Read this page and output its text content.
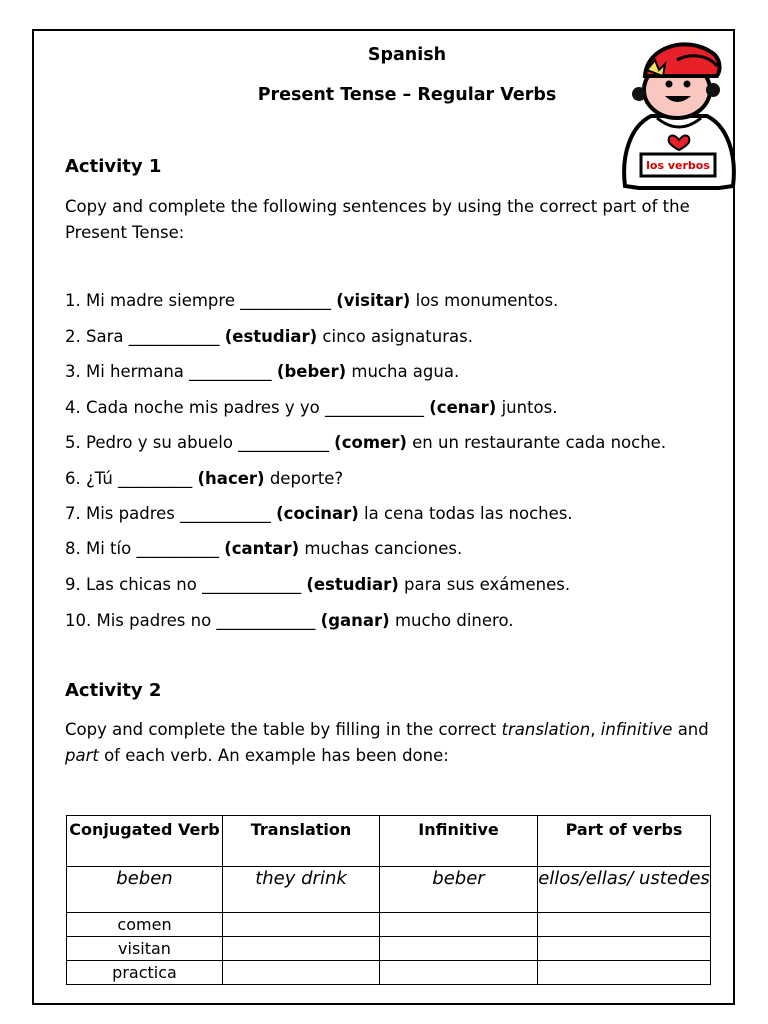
Spanish
Present Tense – Regular Verbs
los verbos
Activity 1
Copy and complete the following sentences by using the correct part of the Present Tense:
1. Mi madre siempre ___________ (visitar) los monumentos.
2. Sara ___________ (estudiar) cinco asignaturas.
3. Mi hermana __________ (beber) mucha agua.
4. Cada noche mis padres y yo ____________ (cenar) juntos.
5. Pedro y su abuelo ___________ (comer) en un restaurante cada noche.
6. ¿Tú _________ (hacer) deporte?
7. Mis padres ___________ (cocinar) la cena todas las noches.
8. Mi tío __________ (cantar) muchas canciones.
9. Las chicas no ____________ (estudiar) para sus exámenes.
10. Mis padres no ____________ (ganar) mucho dinero.
Activity 2
Copy and complete the table by filling in the correct translation, infinitive and part of each verb. An example has been done:
Conjugated Verb	Translation	Infinitive	Part of verbs
beben	they drink	beber	ellos/ellas/ ustedes
comen			
visitan			
practica			
